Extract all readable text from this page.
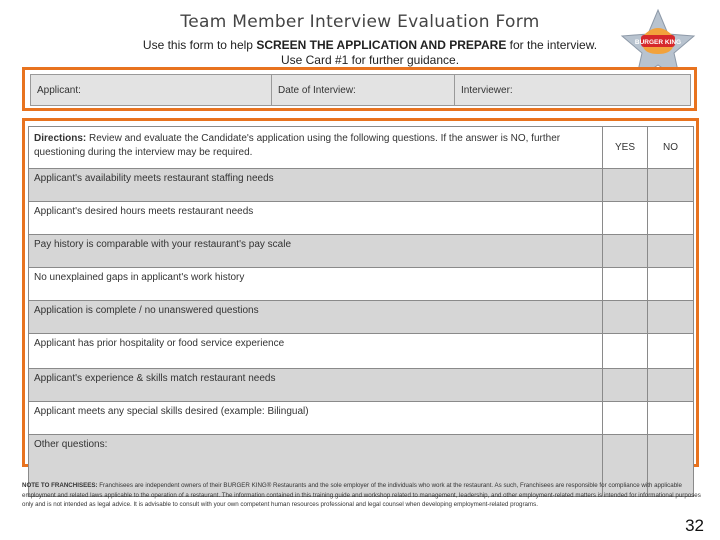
Team Member Interview Evaluation Form
Use this form to help SCREEN THE APPLICATION AND PREPARE for the interview.
Use Card #1 for further guidance.
BURGER KING
Applicant:	Date of Interview:	Interviewer:
Directions: Review and evaluate the Candidate's application using the following questions. If the answer is NO, further questioning during the interview may be required.	YES	NO
Applicant's availability meets restaurant staffing needs		
Applicant's desired hours meets restaurant needs		
Pay history is comparable with your restaurant's pay scale		
No unexplained gaps in applicant's work history		
Application is complete / no unanswered questions		
Applicant has prior hospitality or food service experience		
Applicant's experience & skills match restaurant needs		
Applicant meets any special skills desired (example: Bilingual)		
Other questions:		
NOTE TO FRANCHISEES: Franchisees are independent owners of their BURGER KING® Restaurants and the sole employer of the individuals who work at the restaurant. As such, Franchisees are responsible for compliance with applicable employment and related laws applicable to the operation of a restaurant. The information contained in this training guide and workshop related to management, leadership, and other employment-related matters is intended for informational purposes only and is not intended as legal advice. It is advisable to consult with your own competent human resources professional and legal counsel when developing employment-related programs.
32
